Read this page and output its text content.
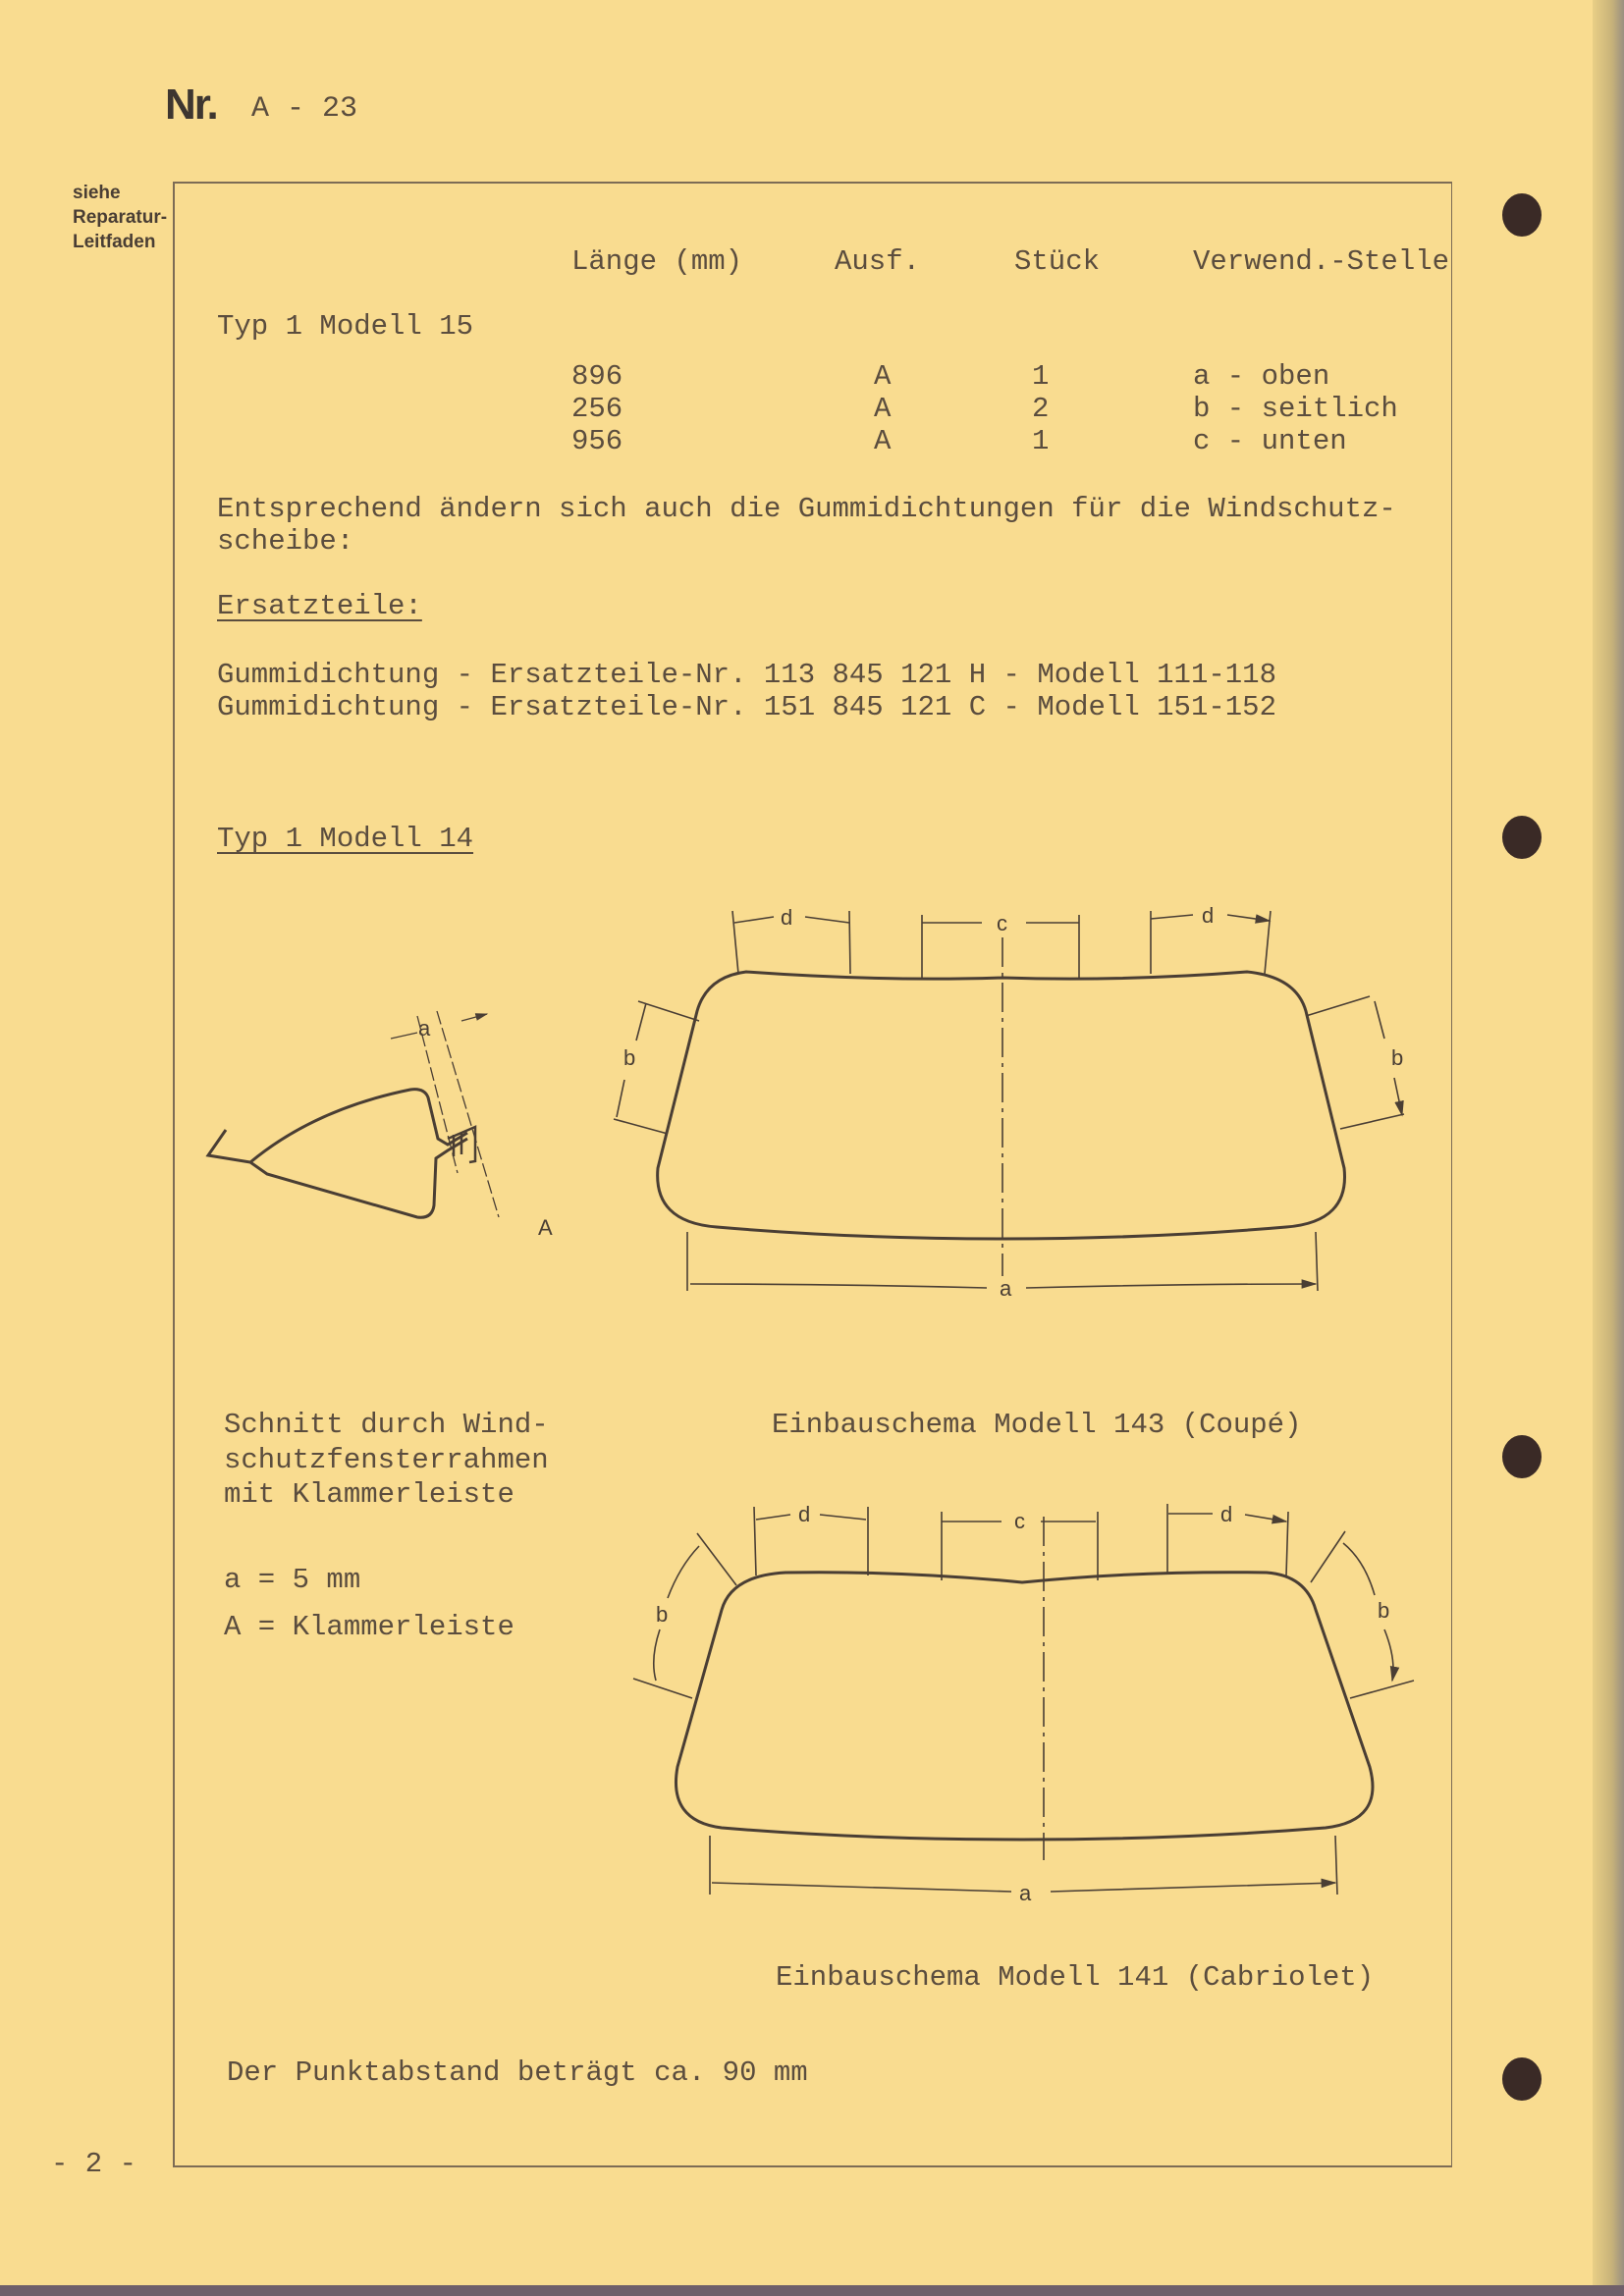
Nr. A - 23
siehe
Reparatur-
Leitfaden
Länge (mm)	Ausf.	Stück	Verwend.-Stelle
Typ 1 Modell 15
896	A	1	a - oben
256	A	2	b - seitlich
956	A	1	c - unten
Entsprechend ändern sich auch die Gummidichtungen für die Windschutz-
scheibe:
Ersatzteile:
Gummidichtung - Ersatzteile-Nr. 113 845 121 H - Modell 111-118
Gummidichtung - Ersatzteile-Nr. 151 845 121 C - Modell 151-152
Typ 1 Modell 14
Schnitt durch Wind-
schutzfensterrahmen
mit Klammerleiste
a = 5 mm
A = Klammerleiste
Einbauschema Modell 143 (Coupé)
Einbauschema Modell 141 (Cabriolet)
Der Punktabstand beträgt ca. 90 mm
- 2 -
a
A
d	c	d
b	b
a
d	c	d
b	b
a
